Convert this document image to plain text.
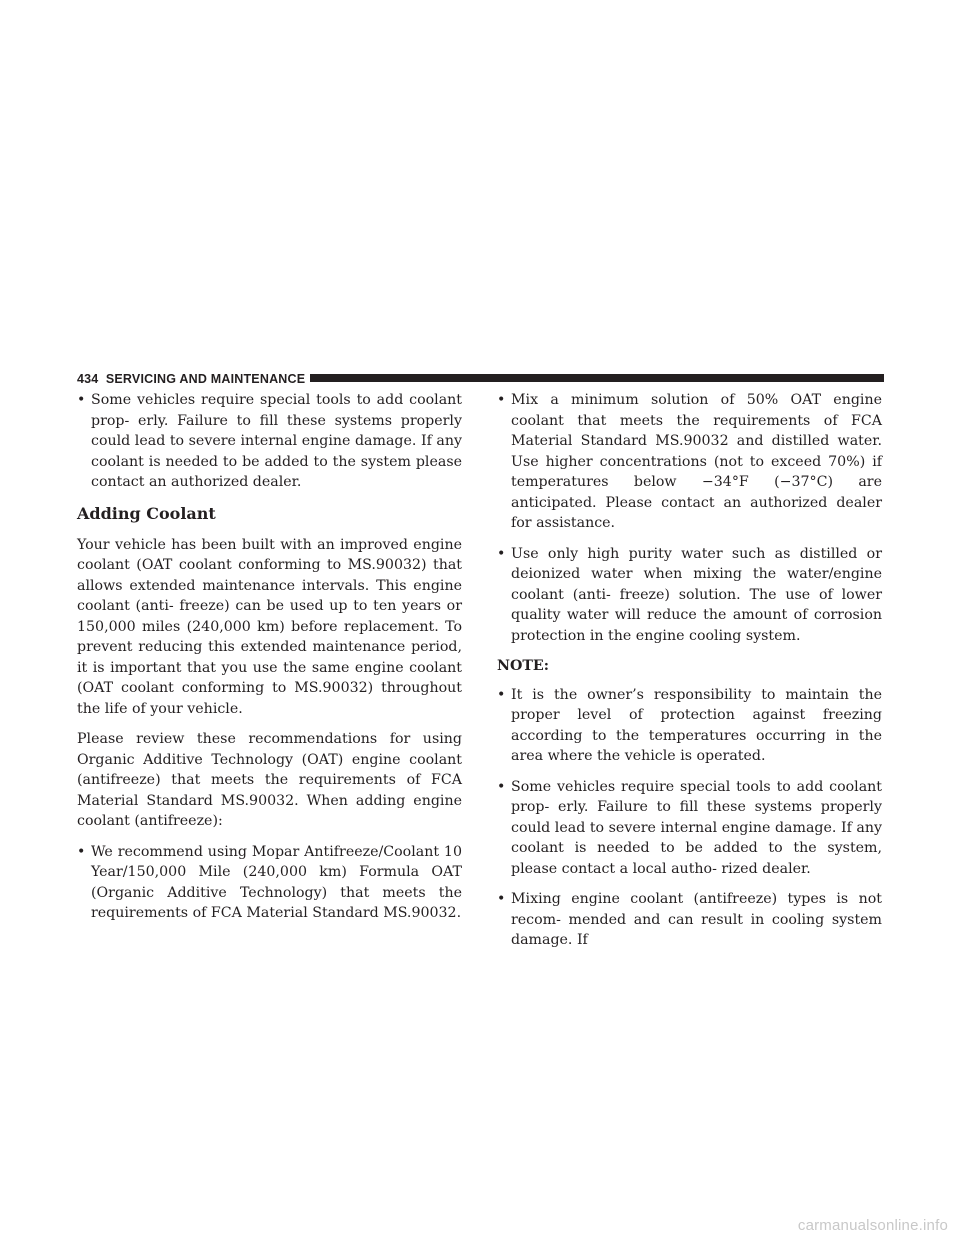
434 SERVICING AND MAINTENANCE
• Some vehicles require special tools to add coolant prop- erly. Failure to fill these systems properly could lead to severe internal engine damage. If any coolant is needed to be added to the system please contact an authorized dealer.
Adding Coolant

Your vehicle has been built with an improved engine coolant (OAT coolant conforming to MS.90032) that allows extended maintenance intervals. This engine coolant (anti- freeze) can be used up to ten years or 150,000 miles (240,000 km) before replacement. To prevent reducing this extended maintenance period, it is important that you use the same engine coolant (OAT coolant conforming to MS.90032) throughout the life of your vehicle.

Please review these recommendations for using Organic Additive Technology (OAT) engine coolant (antifreeze) that meets the requirements of FCA Material Standard MS.90032. When adding engine coolant (antifreeze):

• We recommend using Mopar Antifreeze/Coolant 10 Year/150,000 Mile (240,000 km) Formula OAT (Organic Additive Technology) that meets the requirements of FCA Material Standard MS.90032.
• Mix a minimum solution of 50% OAT engine coolant that meets the requirements of FCA Material Standard MS.90032 and distilled water. Use higher concentrations (not to exceed 70%) if temperatures below −34°F (−37°C) are anticipated. Please contact an authorized dealer for assistance.
• Use only high purity water such as distilled or deionized water when mixing the water/engine coolant (anti- freeze) solution. The use of lower quality water will reduce the amount of corrosion protection in the engine cooling system.
NOTE:
• It is the owner’s responsibility to maintain the proper level of protection against freezing according to the temperatures occurring in the area where the vehicle is operated.
• Some vehicles require special tools to add coolant prop- erly. Failure to fill these systems properly could lead to severe internal engine damage. If any coolant is needed to be added to the system, please contact a local autho- rized dealer.
• Mixing engine coolant (antifreeze) types is not recom- mended and can result in cooling system damage. If
carmanualsonline.info
